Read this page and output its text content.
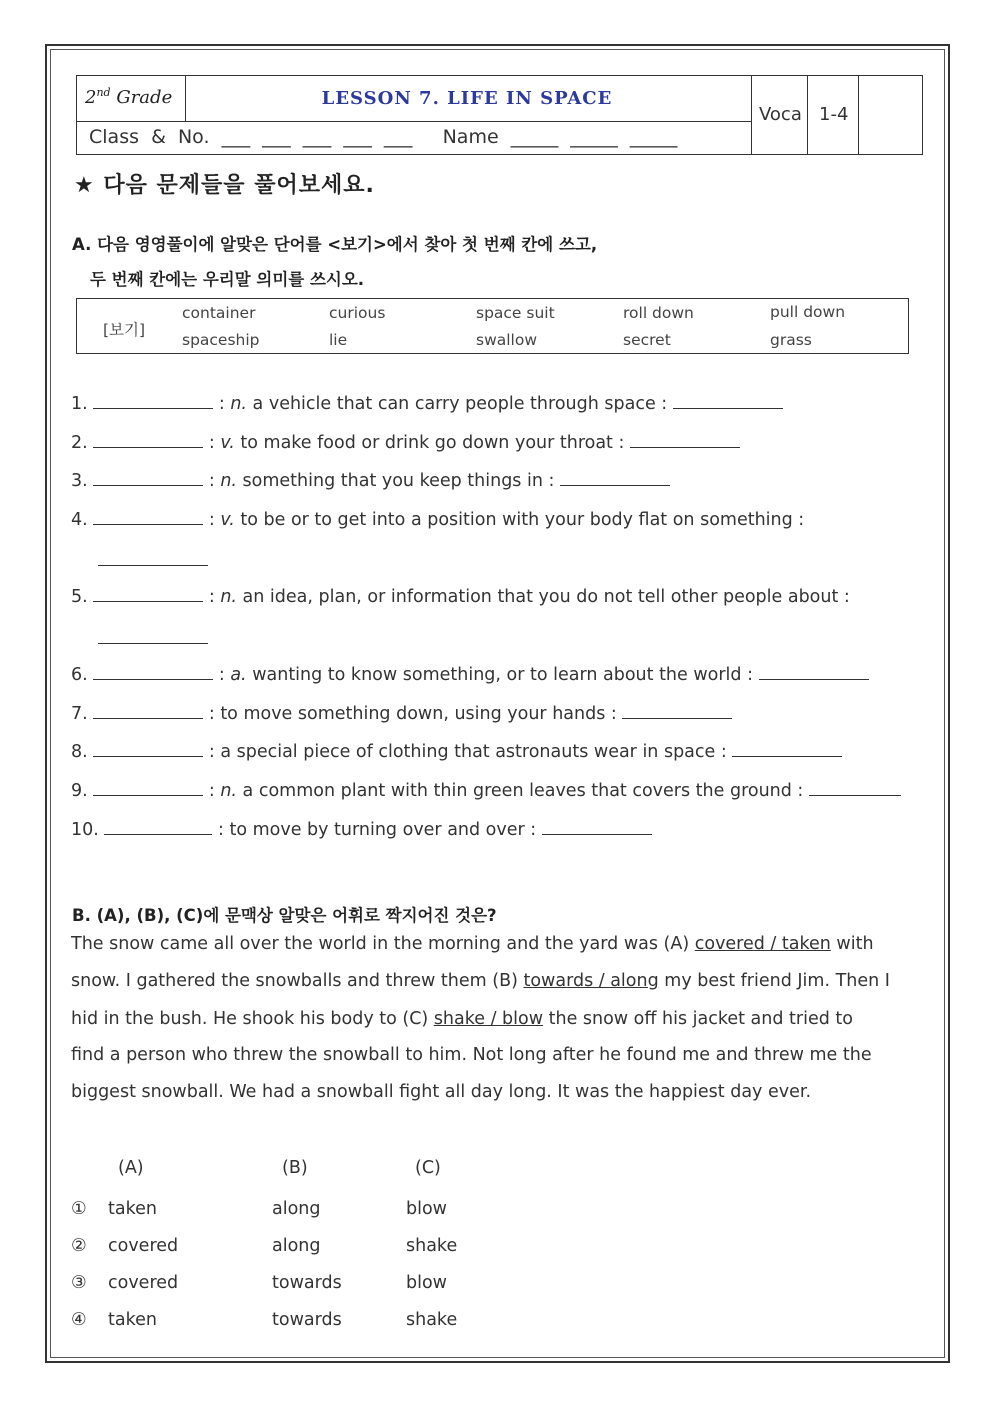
2nd Grade	LESSON 7. LIFE IN SPACE
Class  &  No.  ___  ___  ___  ___  ___     Name  _____  _____  _____
Voca 1-4
★ 다음 문제들을 풀어보세요.
A. 다음 영영풀이에 알맞은 단어를 <보기>에서 찾아 첫 번째 칸에 쓰고,
두 번째 칸에는 우리말 의미를 쓰시오.
[보기]
container	curious	space suit	roll down	pull down
spaceship	lie	swallow	secret	grass
1.	: n. a vehicle that can carry people through space :
2.	: v. to make food or drink go down your throat :
3.	: n. something that you keep things in :
4.	: v. to be or to get into a position with your body flat on something :
5.	: n. an idea, plan, or information that you do not tell other people about :
6.	: a. wanting to know something, or to learn about the world :
7.	: to move something down, using your hands :
8.	: a special piece of clothing that astronauts wear in space :
9.	: n. a common plant with thin green leaves that covers the ground :
10.	: to move by turning over and over :
B. (A), (B), (C)에 문맥상 알맞은 어휘로 짝지어진 것은?
The snow came all over the world in the morning and the yard was (A) covered / taken with
snow. I gathered the snowballs and threw them (B) towards / along my best friend Jim. Then I
hid in the bush. He shook his body to (C) shake / blow the snow off his jacket and tried to
find a person who threw the snowball to him. Not long after he found me and threw me the
biggest snowball. We had a snowball fight all day long. It was the happiest day ever.
(A)	(B)	(C)
① taken	along	blow
② covered	along	shake
③ covered	towards	blow
④ taken	towards	shake
